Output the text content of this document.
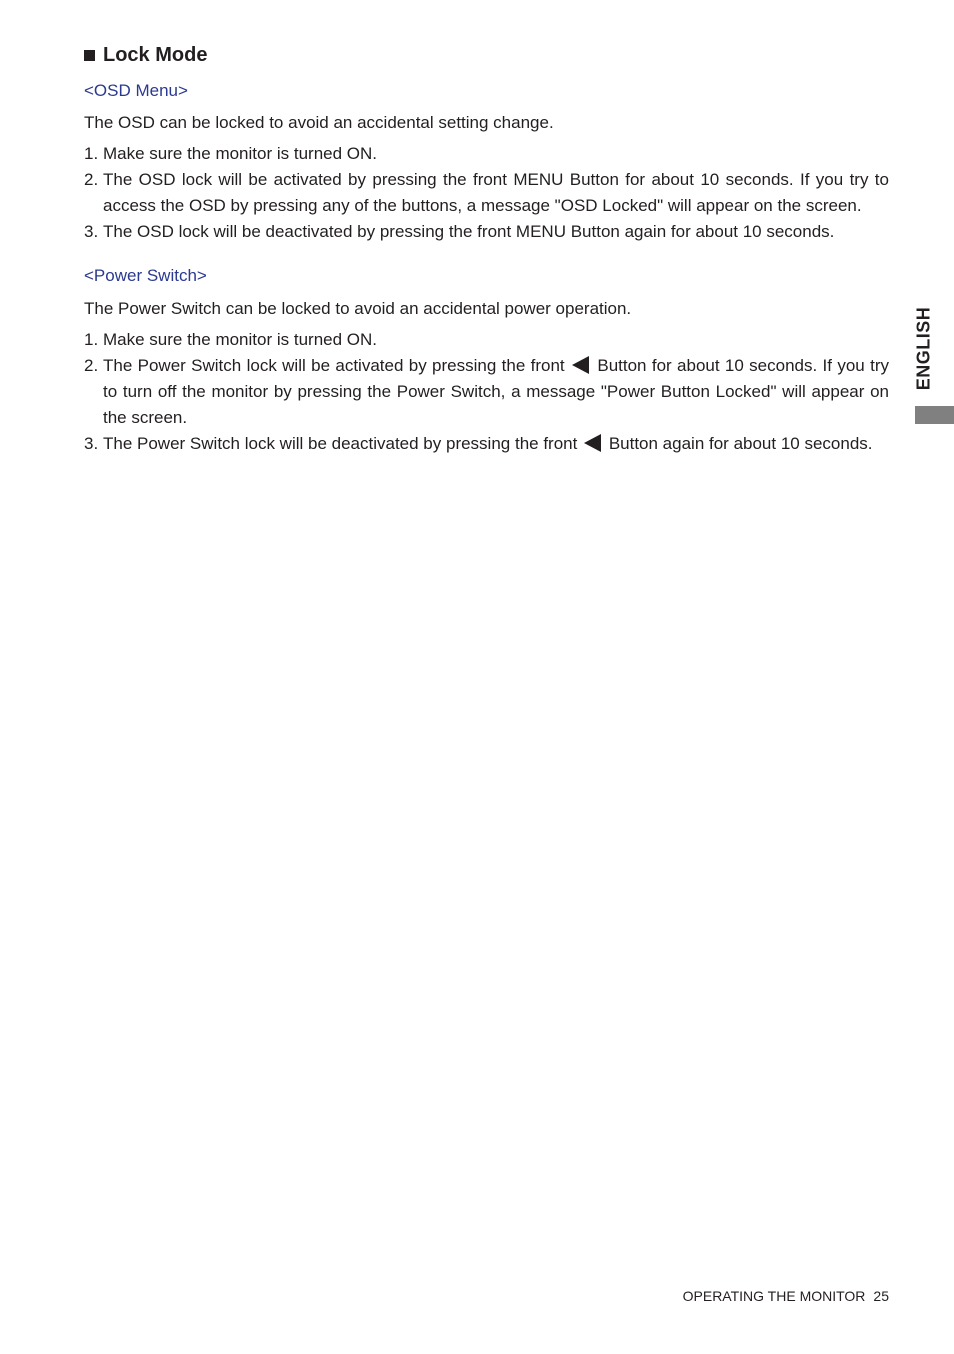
Lock Mode

<OSD Menu>

The OSD can be locked to avoid an accidental setting change.

1. Make sure the monitor is turned ON.
2. The OSD lock will be activated by pressing the front MENU Button for about 10 seconds. If you try to access the OSD by pressing any of the buttons, a message "OSD Locked" will appear on the screen.
3. The OSD lock will be deactivated by pressing the front MENU Button again for about 10 seconds.

<Power Switch>

The Power Switch can be locked to avoid an accidental power operation.

1. Make sure the monitor is turned ON.
2. The Power Switch lock will be activated by pressing the front Button for about 10 seconds. If you try to turn off the monitor by pressing the Power Switch, a message "Power Button Locked" will appear on the screen.
3. The Power Switch lock will be deactivated by pressing the front Button again for about 10 seconds.
ENGLISH
OPERATING THE MONITOR 25
